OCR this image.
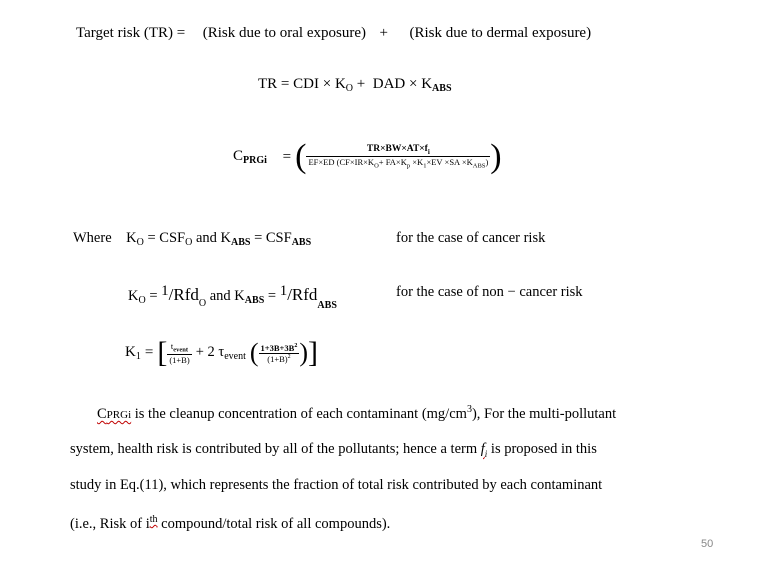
Target risk (TR) = (Risk due to oral exposure) + (Risk due to dermal exposure)
TR = CDI × $K_O$ + DAD × $K_{ABS}$
$C_{PRGi}$ = ( $\frac{TR\times BW\times AT\times f_i}{EF\times ED (CF\times IR\times K_O+ FA\times K_p \times K_1\times EV \times SA \times K_{ABS})}$ )
Where $K_O = CSF_O$ and $K_{ABS} = CSF_{ABS}$	for the case of cancer risk
$K_O = ^1/Rfd_O$ and $K_{ABS} = ^1/Rfd_{ABS}$
for the case of non − cancer risk
$K_1$ = [ $\frac{t_{event}}{(1+B)} + 2$ $\tau_{event}$ ( $\frac{1+3B+3B^2}{(1+B)^2}$ )]
CPRGi is the cleanup concentration of each contaminant $(mg/cm^3)$, For the multi-pollutant
system, health risk is contributed by all of the pollutants; hence a term $f_i$ is proposed in this
study in Eq.(11), which represents the fraction of total risk contributed by each contaminant
(i.e., Risk of $i^{th}$ compound/total risk of all compounds).
50
